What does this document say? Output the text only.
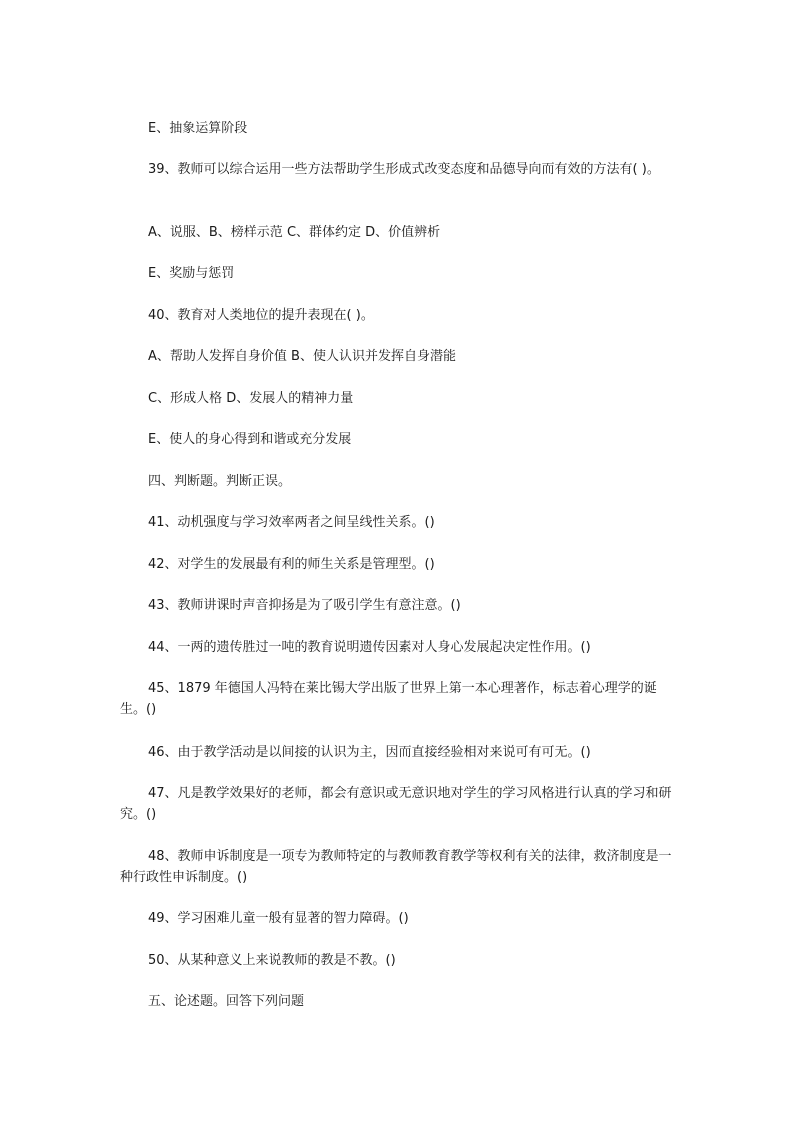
E、抽象运算阶段

39、教师可以综合运用一些方法帮助学生形成式改变态度和品德导向而有效的方法有( )。

A、说服、B、榜样示范 C、群体约定 D、价值辨析

E、奖励与惩罚

40、教育对人类地位的提升表现在( )。

A、帮助人发挥自身价值 B、使人认识并发挥自身潜能

C、形成人格 D、发展人的精神力量

E、使人的身心得到和谐或充分发展

四、判断题。判断正误。

41、动机强度与学习效率两者之间呈线性关系。()

42、对学生的发展最有利的师生关系是管理型。()

43、教师讲课时声音抑扬是为了吸引学生有意注意。()

44、一两的遗传胜过一吨的教育说明遗传因素对人身心发展起决定性作用。()

45、1879 年德国人冯特在莱比锡大学出版了世界上第一本心理著作，标志着心理学的诞生。()

46、由于教学活动是以间接的认识为主，因而直接经验相对来说可有可无。()

47、凡是教学效果好的老师，都会有意识或无意识地对学生的学习风格进行认真的学习和研究。()

48、教师申诉制度是一项专为教师特定的与教师教育教学等权利有关的法律，救济制度是一种行政性申诉制度。()

49、学习困难儿童一般有显著的智力障碍。()

50、从某种意义上来说教师的教是不教。()

五、论述题。回答下列问题
